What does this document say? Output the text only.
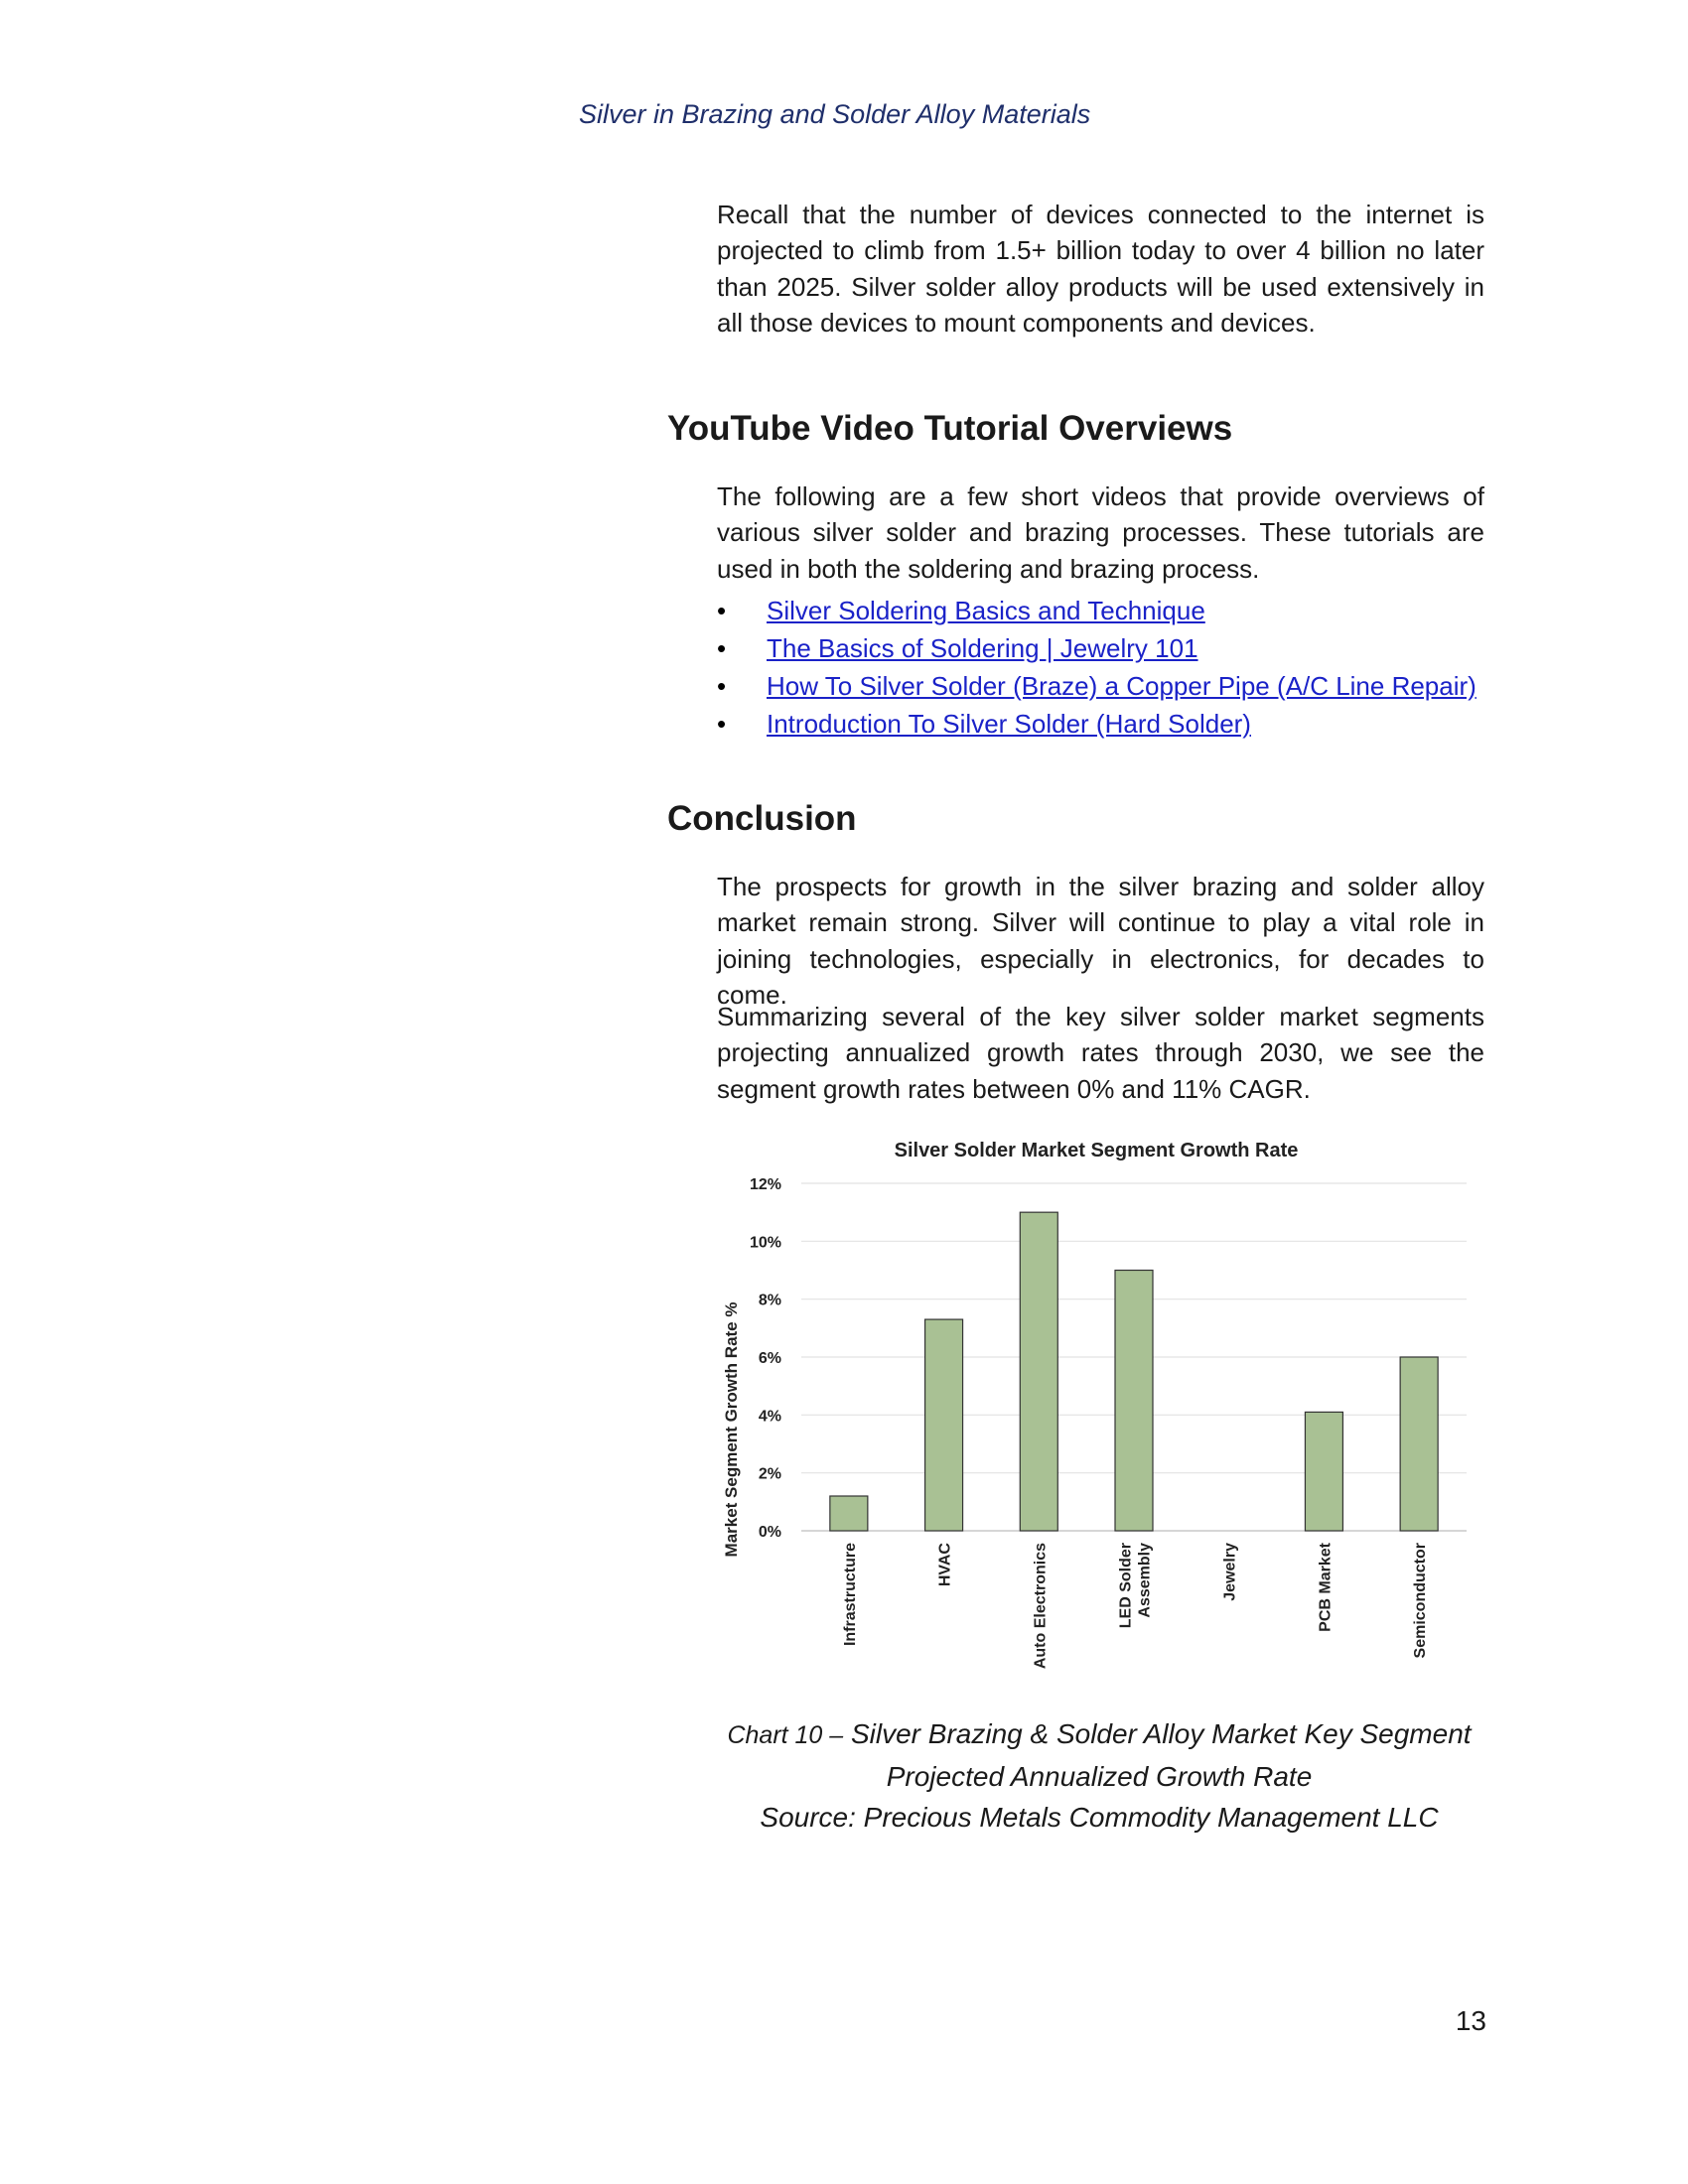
Silver in Brazing and Solder Alloy Materials

Recall that the number of devices connected to the internet is projected to climb from 1.5+ billion today to over 4 billion no later than 2025. Silver solder alloy products will be used extensively in all those devices to mount components and devices.

YouTube Video Tutorial Overviews

The following are a few short videos that provide overviews of various silver solder and brazing processes. These tutorials are used in both the soldering and brazing process.

• Silver Soldering Basics and Technique
• The Basics of Soldering | Jewelry 101
• How To Silver Solder (Braze) a Copper Pipe (A/C Line Repair)
• Introduction To Silver Solder (Hard Solder)
Conclusion

The prospects for growth in the silver brazing and solder alloy market remain strong. Silver will continue to play a vital role in joining technologies, especially in electronics, for decades to come.

Summarizing several of the key silver solder market segments projecting annualized growth rates through 2030, we see the segment growth rates between 0% and 11% CAGR.

Silver Solder Market Segment Growth Rate
Market Segment Growth Rate % 0%
2%
4%
6%
8%
10%
12%
Infrastructure	HVAC	Auto Electronics	LED Solder Assembly	Jewelry	PCB Market	Semiconductor
Chart 10 – Silver Brazing & Solder Alloy Market Key Segment
Projected Annualized Growth Rate
Source: Precious Metals Commodity Management LLC
13
